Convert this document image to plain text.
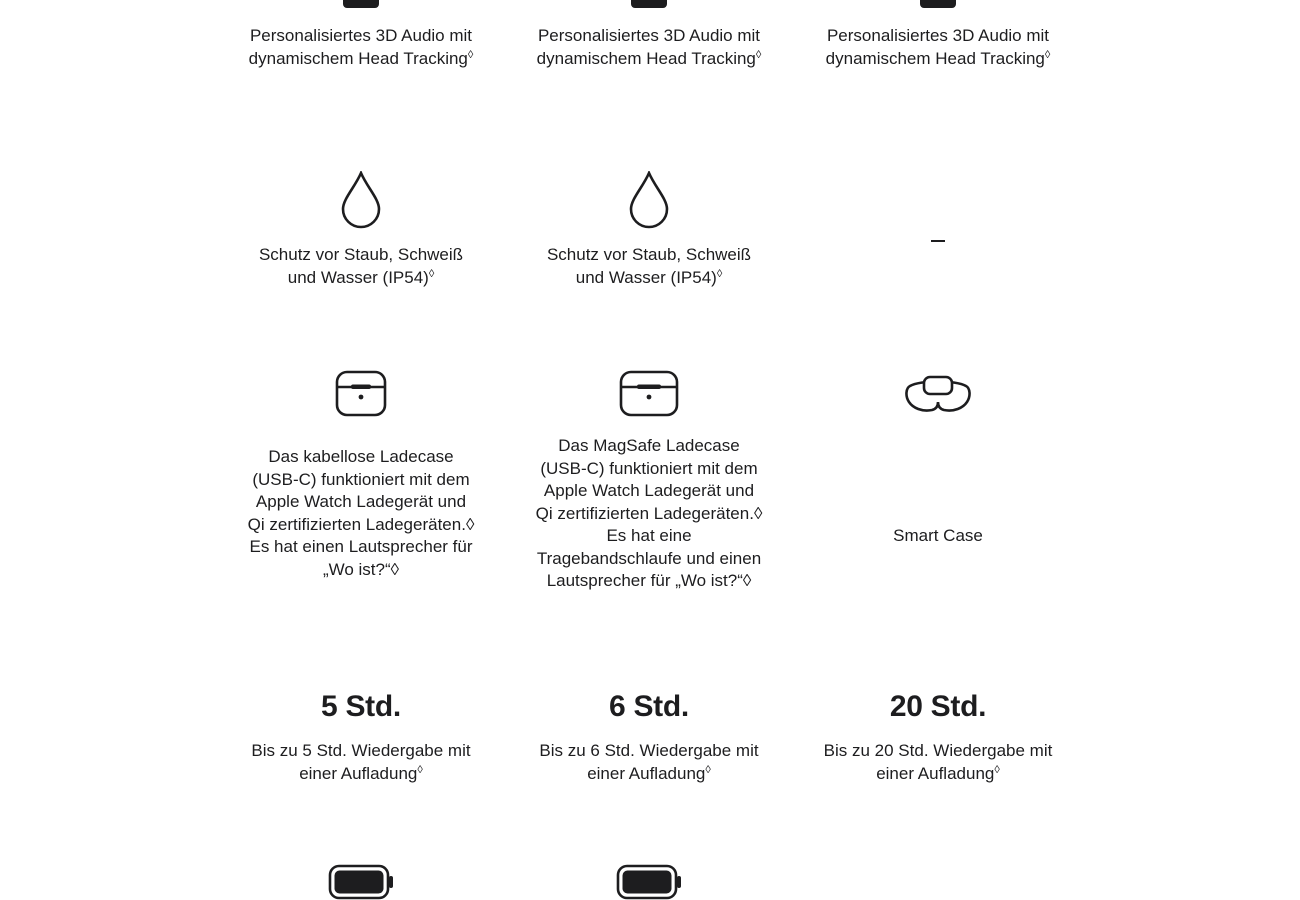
Personalisiertes 3D Audio mit dynamischem Head Tracking◊
Schutz vor Staub, Schweiß und Wasser (IP54)◊
Das kabellose Ladecase (USB-C) funktioniert mit dem Apple Watch Ladegerät und Qi zertifizierten Ladegeräten.◊ Es hat einen Lautsprecher für „Wo ist?“◊
5 Std.
Bis zu 5 Std. Wiedergabe mit einer Aufladung◊
Personalisiertes 3D Audio mit dynamischem Head Tracking◊
Schutz vor Staub, Schweiß und Wasser (IP54)◊
Das MagSafe Ladecase (USB-C) funktioniert mit dem Apple Watch Ladegerät und Qi zertifizierten Ladegeräten.◊ Es hat eine Tragebandschlaufe und einen Lautsprecher für „Wo ist?“◊
6 Std.
Bis zu 6 Std. Wiedergabe mit einer Aufladung◊
Personalisiertes 3D Audio mit dynamischem Head Tracking◊
Smart Case
20 Std.
Bis zu 20 Std. Wiedergabe mit einer Aufladung◊
